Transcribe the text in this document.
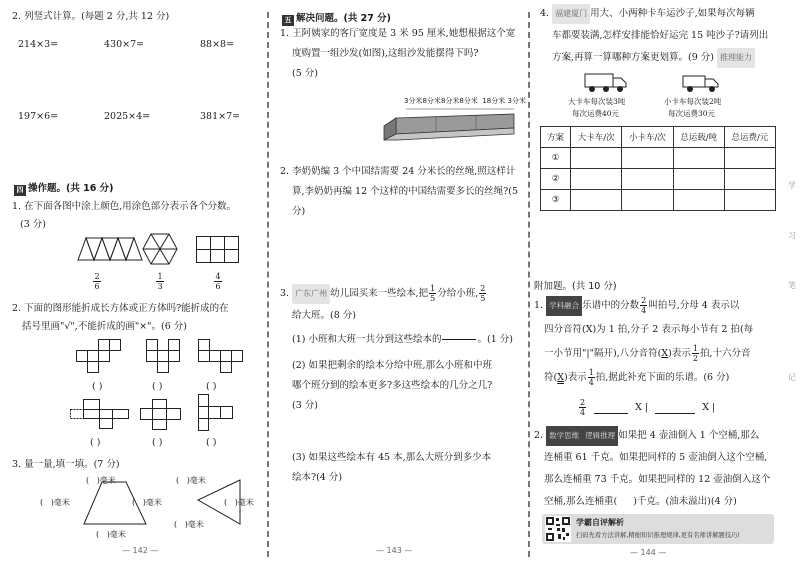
2. 列竖式计算。(每题 2 分,共 12 分)
214×3=	430×7=	88×8=
197×6=	2025×4=	381×7=
四 操作题。(共 16 分)
1. 在下面各图中涂上颜色,用涂色部分表示各个分数。
(3 分)
$\frac{2}{6}$	$\frac{1}{3}$	$\frac{4}{6}$
2. 下面的图形能折成长方体或正方体吗?能折成的在
括号里画"√",不能折成的画"×"。(6 分)
( )	( )	( )
( )	( )	( )
3. 量一量,填一填。(7 分)
( )毫米
( )毫米	( )毫米
( )毫米
( )毫米
( )毫米
( )毫米
— 142 —
五 解决问题。(共 27 分)
1. 王阿姨家的客厅宽度是 3 米 95 厘米,她想根据这个宽
度购置一组沙发(如图),这组沙发能摆得下吗?
(5 分)
3分米8分米8分米8分米 18分米 3分米
2. 李奶奶编 3 个中国结需要 24 分米长的丝绳,照这样计
算,李奶奶再编 12 个这样的中国结需要多长的丝绳?(5 分)
3. 广东广州 幼儿园买来一些绘本,把 $\frac{1}{5}$ 分给小班, $\frac{2}{5}$
给大班。(8 分)
(1) 小班和大班一共分到这些绘本的

	。(1 分)
(2) 如果把剩余的绘本分给中班,那么小班和中班
哪个班分到的绘本更多?多这些绘本的几分之几?
(3 分)
(3) 如果这些绘本有 45 本,那么大班分到多少本
绘本?(4 分)
— 143 —
4. 福建厦门 用大、小两种卡车运沙子,如果每次每辆
车都要装满,怎样安排能恰好运完 15 吨沙子?请列出
方案,再算一算哪种方案更划算。(9 分) 推理能力
大卡车每次装3吨
每次运费40元
小卡车每次装2吨
每次运费30元
方案	大卡车/次	小卡车/次	总运载/吨	总运费/元
①				
②				
③				
附加题。(共 10 分)
1. 学科融合 乐谱中的分数 $\frac{2}{4}$ 叫拍号,分母 4 表示以
四分音符(X)为 1 拍,分子 2 表示每小节有 2 拍(每
一小节用"|"隔开),八分音符(X)表示 $\frac{1}{2}$ 拍,十六分音
符(X)表示 $\frac{1}{4}$ 拍,据此补充下面的乐谱。(6 分)
$\frac{2}{4}$	X |	X |
2. 数学思维 逻辑推理 如果把 4 壶油倒入 1 个空桶,那么
连桶重 61 千克。如果把同样的 5 壶油倒入这个空桶,
那么连桶重 73 千克。如果把同样的 12 壶油倒入这个
空桶,那么连桶重( )千克。(油未溢出)(4 分)
学霸自评解析
扫码先看方法讲解,精细知识推理规律,更有名师讲解题技巧!
学
习
笔
记
— 144 —
